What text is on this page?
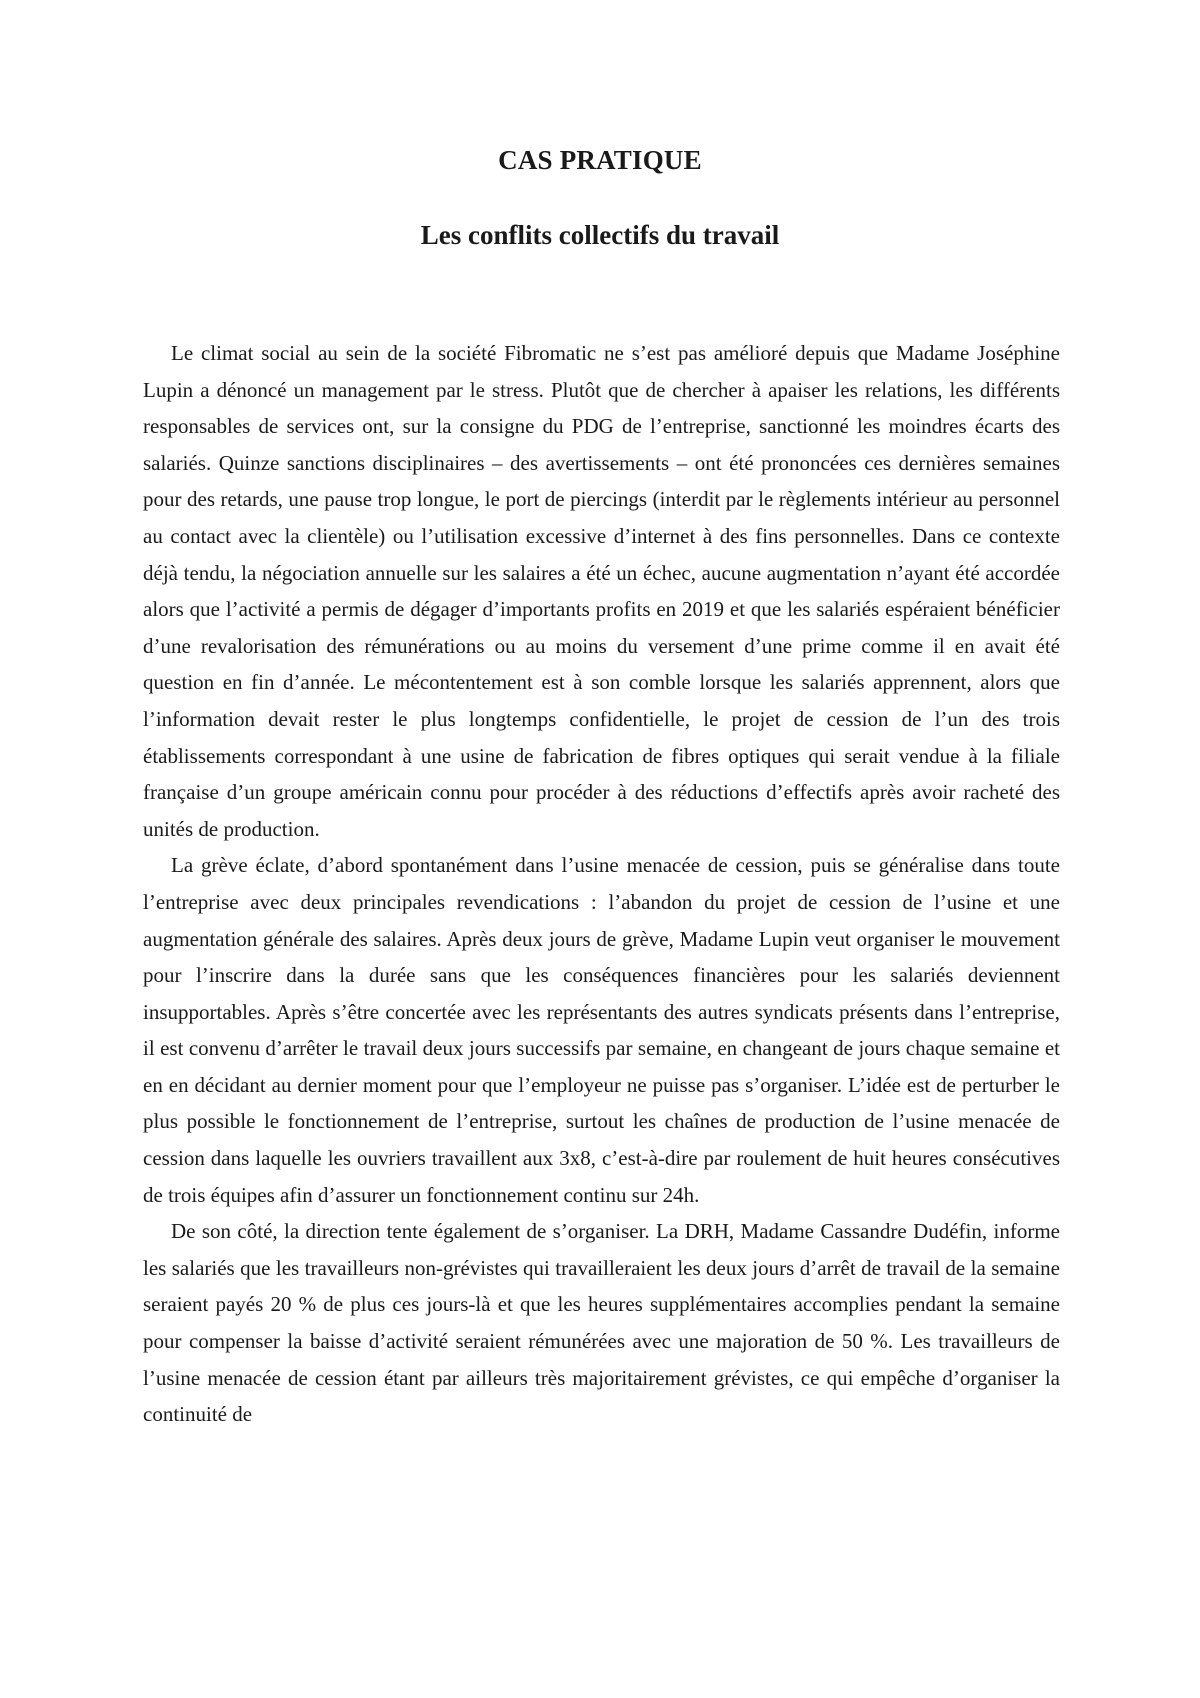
CAS PRATIQUE
Les conflits collectifs du travail

Le climat social au sein de la société Fibromatic ne s’est pas amélioré depuis que Madame Joséphine Lupin a dénoncé un management par le stress. Plutôt que de chercher à apaiser les relations, les différents responsables de services ont, sur la consigne du PDG de l’entreprise, sanctionné les moindres écarts des salariés. Quinze sanctions disciplinaires – des avertissements – ont été prononcées ces dernières semaines pour des retards, une pause trop longue, le port de piercings (interdit par le règlements intérieur au personnel au contact avec la clientèle) ou l’utilisation excessive d’internet à des fins personnelles. Dans ce contexte déjà tendu, la négociation annuelle sur les salaires a été un échec, aucune augmentation n’ayant été accordée alors que l’activité a permis de dégager d’importants profits en 2019 et que les salariés espéraient bénéficier d’une revalorisation des rémunérations ou au moins du versement d’une prime comme il en avait été question en fin d’année. Le mécontentement est à son comble lorsque les salariés apprennent, alors que l’information devait rester le plus longtemps confidentielle, le projet de cession de l’un des trois établissements correspondant à une usine de fabrication de fibres optiques qui serait vendue à la filiale française d’un groupe américain connu pour procéder à des réductions d’effectifs après avoir racheté des unités de production.

La grève éclate, d’abord spontanément dans l’usine menacée de cession, puis se généralise dans toute l’entreprise avec deux principales revendications : l’abandon du projet de cession de l’usine et une augmentation générale des salaires. Après deux jours de grève, Madame Lupin veut organiser le mouvement pour l’inscrire dans la durée sans que les conséquences financières pour les salariés deviennent insupportables. Après s’être concertée avec les représentants des autres syndicats présents dans l’entreprise, il est convenu d’arrêter le travail deux jours successifs par semaine, en changeant de jours chaque semaine et en en décidant au dernier moment pour que l’employeur ne puisse pas s’organiser. L’idée est de perturber le plus possible le fonctionnement de l’entreprise, surtout les chaînes de production de l’usine menacée de cession dans laquelle les ouvriers travaillent aux 3x8, c’est-à-dire par roulement de huit heures consécutives de trois équipes afin d’assurer un fonctionnement continu sur 24h.

De son côté, la direction tente également de s’organiser. La DRH, Madame Cassandre Dudéfin, informe les salariés que les travailleurs non-grévistes qui travailleraient les deux jours d’arrêt de travail de la semaine seraient payés 20 % de plus ces jours-là et que les heures supplémentaires accomplies pendant la semaine pour compenser la baisse d’activité seraient rémunérées avec une majoration de 50 %. Les travailleurs de l’usine menacée de cession étant par ailleurs très majoritairement grévistes, ce qui empêche d’organiser la continuité de
